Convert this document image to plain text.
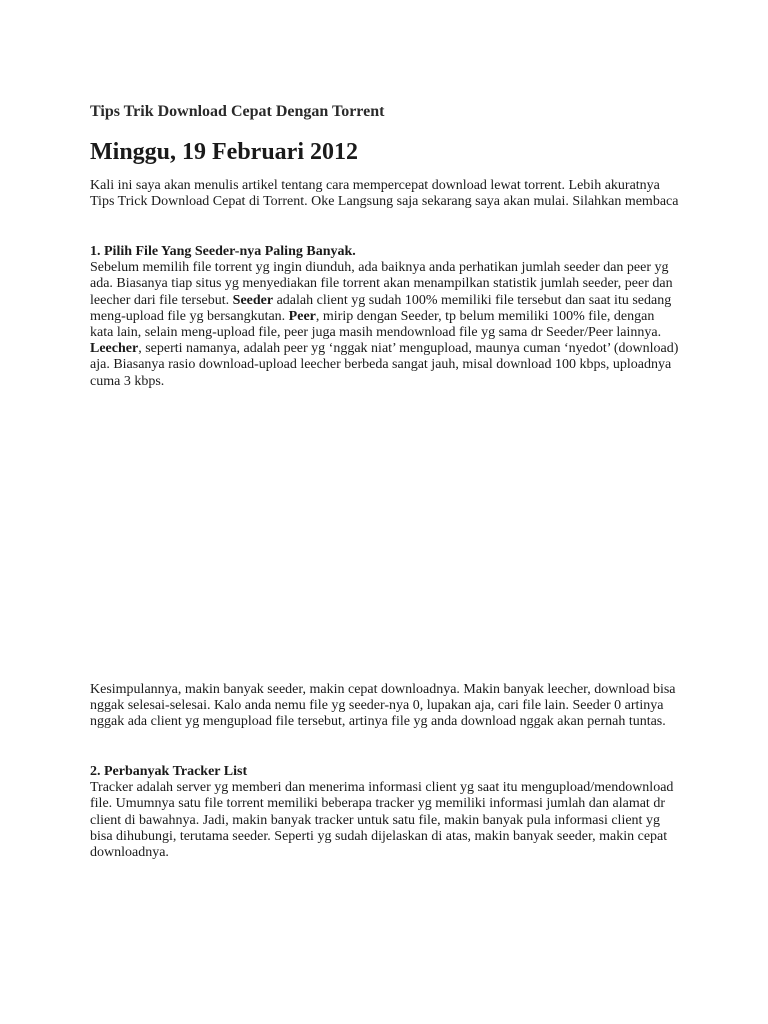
Tips Trik Download Cepat Dengan Torrent
Minggu, 19 Februari 2012

Kali ini saya akan menulis artikel tentang cara mempercepat download lewat torrent. Lebih akuratnya Tips Trick Download Cepat di Torrent. Oke Langsung saja sekarang saya akan mulai. Silahkan membaca

1. Pilih File Yang Seeder-nya Paling Banyak.

Sebelum memilih file torrent yg ingin diunduh, ada baiknya anda perhatikan jumlah seeder dan peer yg ada. Biasanya tiap situs yg menyediakan file torrent akan menampilkan statistik jumlah seeder, peer dan leecher dari file tersebut. Seeder adalah client yg sudah 100% memiliki file tersebut dan saat itu sedang meng-upload file yg bersangkutan. Peer, mirip dengan Seeder, tp belum memiliki 100% file, dengan kata lain, selain meng-upload file, peer juga masih mendownload file yg sama dr Seeder/Peer lainnya. Leecher, seperti namanya, adalah peer yg ‘nggak niat’ mengupload, maunya cuman ‘nyedot’ (download) aja. Biasanya rasio download-upload leecher berbeda sangat jauh, misal download 100 kbps, uploadnya cuma 3 kbps.

Kesimpulannya, makin banyak seeder, makin cepat downloadnya. Makin banyak leecher, download bisa nggak selesai-selesai. Kalo anda nemu file yg seeder-nya 0, lupakan aja, cari file lain. Seeder 0 artinya nggak ada client yg mengupload file tersebut, artinya file yg anda download nggak akan pernah tuntas.

2. Perbanyak Tracker List

Tracker adalah server yg memberi dan menerima informasi client yg saat itu mengupload/mendownload file. Umumnya satu file torrent memiliki beberapa tracker yg memiliki informasi jumlah dan alamat dr client di bawahnya. Jadi, makin banyak tracker untuk satu file, makin banyak pula informasi client yg bisa dihubungi, terutama seeder. Seperti yg sudah dijelaskan di atas, makin banyak seeder, makin cepat downloadnya.
